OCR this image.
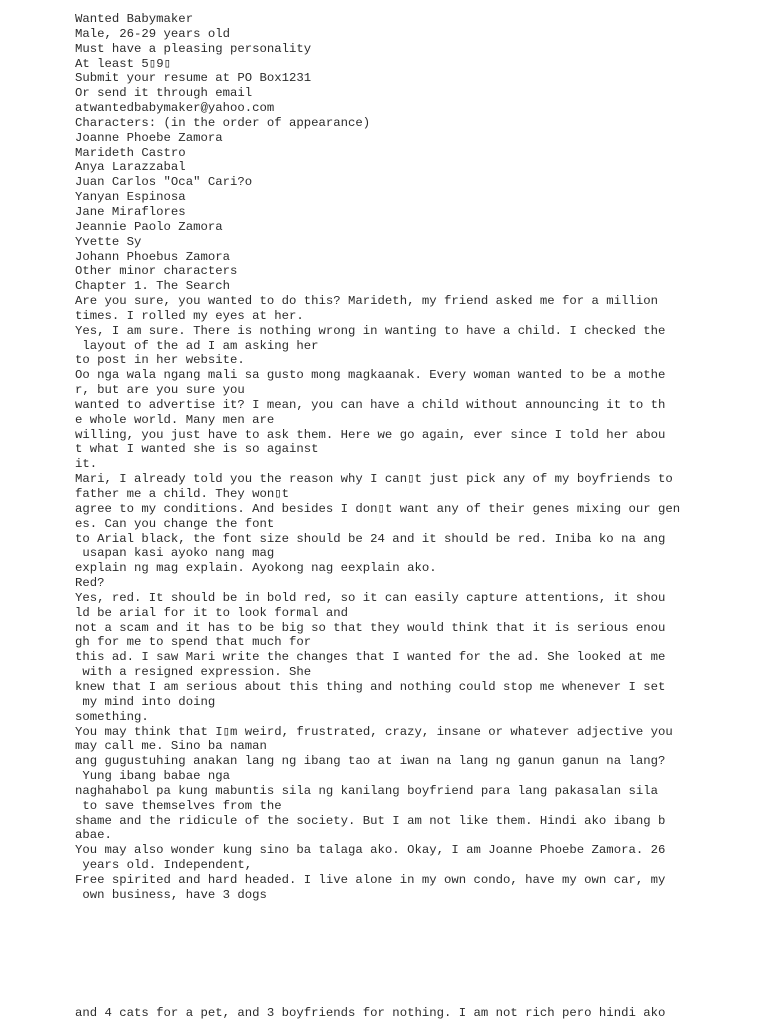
Wanted Babymaker
Male, 26-29 years old
Must have a pleasing personality
At least 5▯9▯
Submit your resume at PO Box1231
Or send it through email
atwantedbabymaker@yahoo.com
Characters: (in the order of appearance)
Joanne Phoebe Zamora
Marideth Castro
Anya Larazzabal
Juan Carlos "Oca" Cari?o
Yanyan Espinosa
Jane Miraflores
Jeannie Paolo Zamora
Yvette Sy
Johann Phoebus Zamora
Other minor characters
Chapter 1. The Search
Are you sure, you wanted to do this? Marideth, my friend asked me for a million
times. I rolled my eyes at her.
Yes, I am sure. There is nothing wrong in wanting to have a child. I checked the
layout of the ad I am asking her
to post in her website.
Oo nga wala ngang mali sa gusto mong magkaanak. Every woman wanted to be a mothe
r, but are you sure you
wanted to advertise it? I mean, you can have a child without announcing it to th
e whole world. Many men are
willing, you just have to ask them. Here we go again, ever since I told her abou
t what I wanted she is so against
it.
Mari, I already told you the reason why I can▯t just pick any of my boyfriends to
father me a child. They won▯t
agree to my conditions. And besides I don▯t want any of their genes mixing our gen
es. Can you change the font
to Arial black, the font size should be 24 and it should be red. Iniba ko na ang
usapan kasi ayoko nang mag
explain ng mag explain. Ayokong nag eexplain ako.
Red?
Yes, red. It should be in bold red, so it can easily capture attentions, it shou
ld be arial for it to look formal and
not a scam and it has to be big so that they would think that it is serious enou
gh for me to spend that much for
this ad. I saw Mari write the changes that I wanted for the ad. She looked at me
with a resigned expression. She
knew that I am serious about this thing and nothing could stop me whenever I set
my mind into doing
something.
You may think that I▯m weird, frustrated, crazy, insane or whatever adjective you
may call me. Sino ba naman
ang gugustuhing anakan lang ng ibang tao at iwan na lang ng ganun ganun na lang?
Yung ibang babae nga
naghahabol pa kung mabuntis sila ng kanilang boyfriend para lang pakasalan sila
to save themselves from the
shame and the ridicule of the society. But I am not like them. Hindi ako ibang b
abae.
You may also wonder kung sino ba talaga ako. Okay, I am Joanne Phoebe Zamora. 26
years old. Independent,
Free spirited and hard headed. I live alone in my own condo, have my own car, my
own business, have 3 dogs
and 4 cats for a pet, and 3 boyfriends for nothing. I am not rich pero hindi ako
